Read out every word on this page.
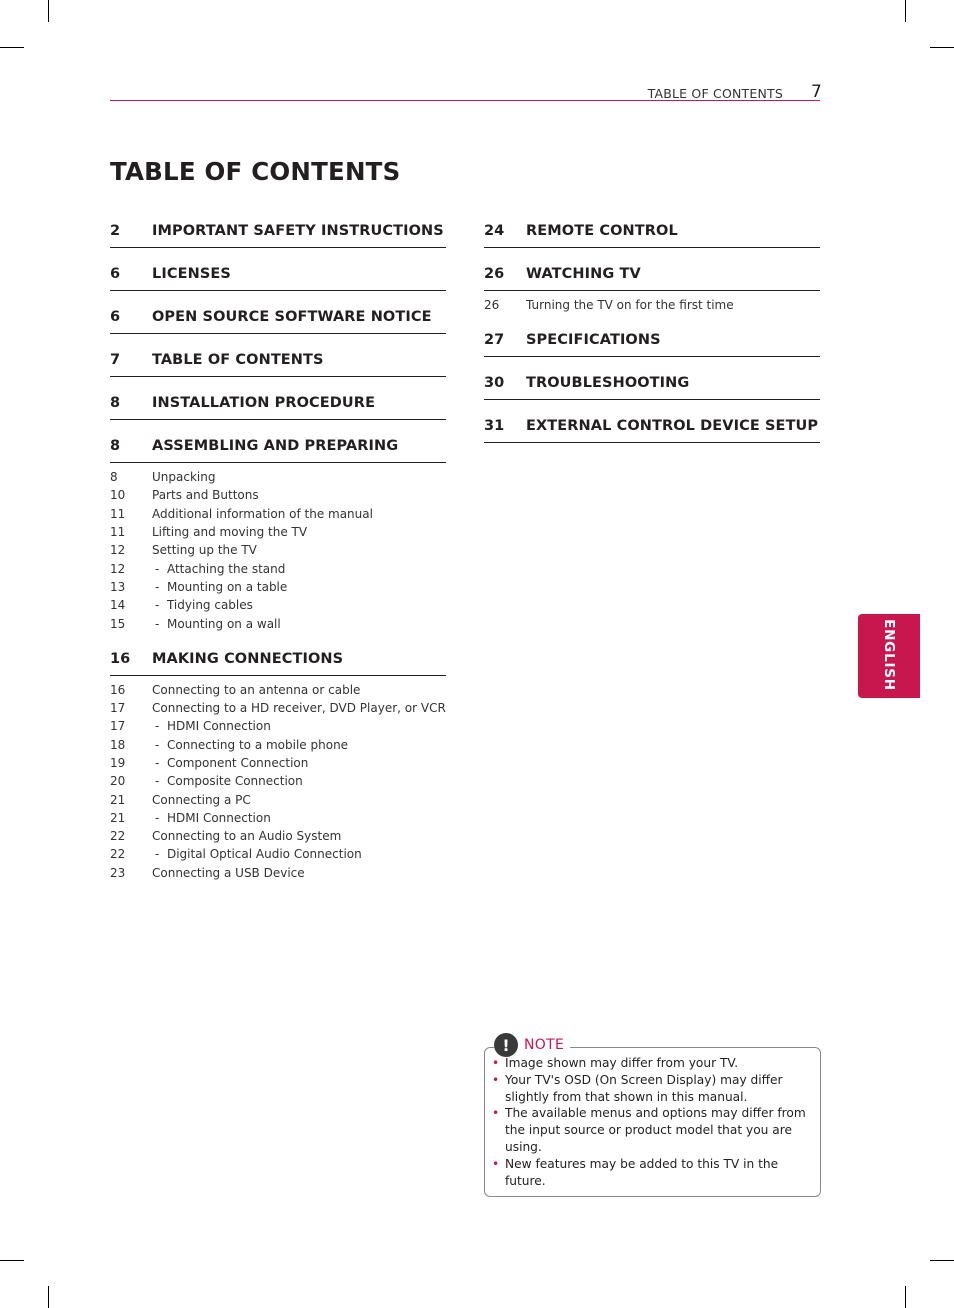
TABLE OF CONTENTS 7
TABLE OF CONTENTS
2	IMPORTANT SAFETY INSTRUCTIONS
6	LICENSES
6	OPEN SOURCE SOFTWARE NOTICE
7	TABLE OF CONTENTS
8	INSTALLATION PROCEDURE
8	ASSEMBLING AND PREPARING
8	Unpacking
10	Parts and Buttons
11	Additional information of the manual
11	Lifting and moving the TV
12	Setting up the TV
12	-  Attaching the stand
13	-  Mounting on a table
14	-  Tidying cables
15	-  Mounting on a wall
16	MAKING CONNECTIONS
16	Connecting to an antenna or cable
17	Connecting to a HD receiver, DVD Player, or VCR
17	-  HDMI Connection
18	-  Connecting to a mobile phone
19	-  Component Connection
20	-  Composite Connection
21	Connecting a PC
21	-  HDMI Connection
22	Connecting to an Audio System
22	-  Digital Optical Audio Connection
23	Connecting a USB Device
24	REMOTE CONTROL
26	WATCHING TV
26	Turning the TV on for the first time
27	SPECIFICATIONS
30	TROUBLESHOOTING
31	EXTERNAL CONTROL DEVICE SETUP
!	NOTE
• Image shown may differ from your TV.
• Your TV's OSD (On Screen Display) may differ slightly from that shown in this manual.
• The available menus and options may differ from the input source or product model that you are using.
• New features may be added to this TV in the future.
ENGLISH
